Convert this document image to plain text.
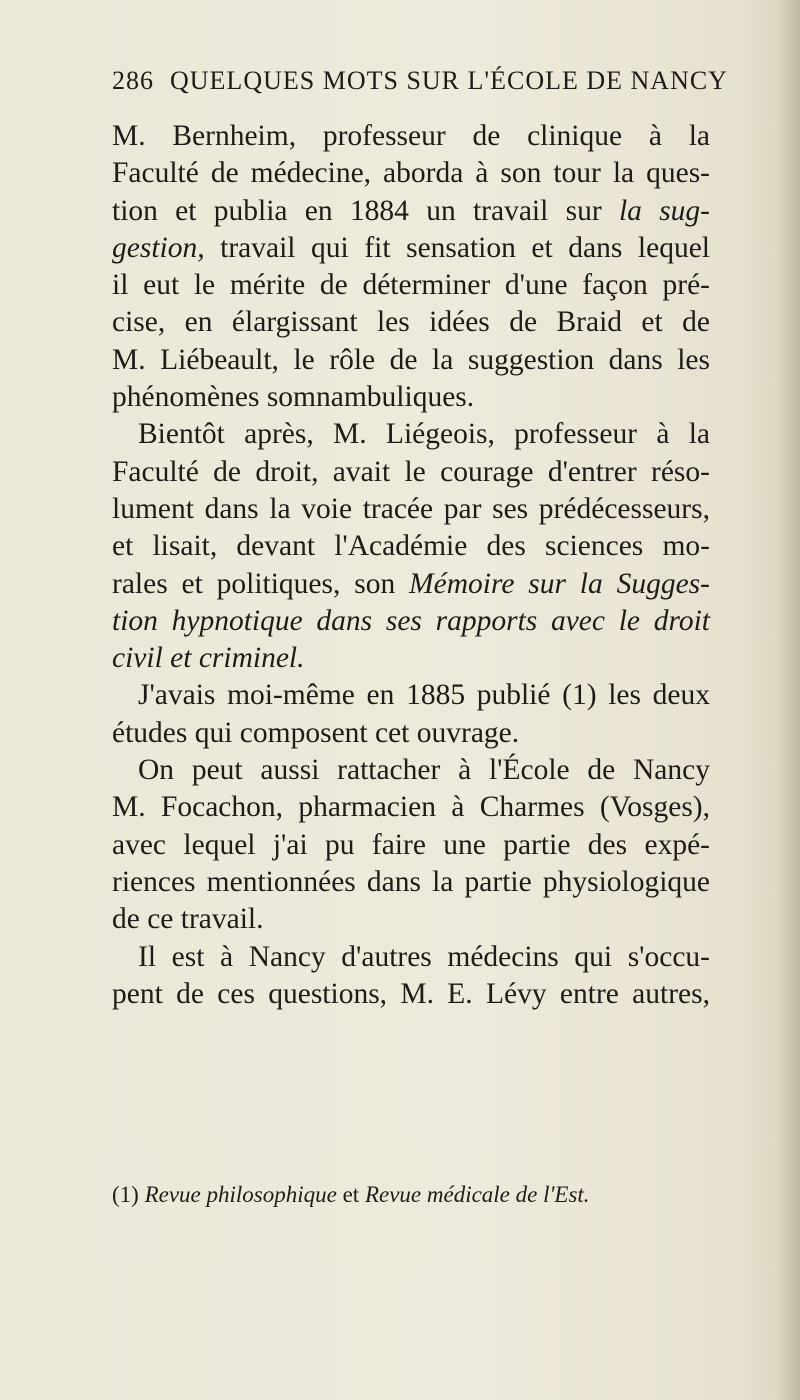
286 QUELQUES MOTS SUR L'ÉCOLE DE NANCY
M. Bernheim, professeur de clinique à la
Faculté de médecine, aborda à son tour la ques-
tion et publia en 1884 un travail sur la sug-
gestion, travail qui fit sensation et dans lequel
il eut le mérite de déterminer d'une façon pré-
cise, en élargissant les idées de Braid et de
M. Liébeault, le rôle de la suggestion dans les
phénomènes somnambuliques.
Bientôt après, M. Liégeois, professeur à la
Faculté de droit, avait le courage d'entrer réso-
lument dans la voie tracée par ses prédécesseurs,
et lisait, devant l'Académie des sciences mo-
rales et politiques, son Mémoire sur la Sugges-
tion hypnotique dans ses rapports avec le droit
civil et criminel.
J'avais moi-même en 1885 publié (1) les deux
études qui composent cet ouvrage.
On peut aussi rattacher à l'École de Nancy
M. Focachon, pharmacien à Charmes (Vosges),
avec lequel j'ai pu faire une partie des expé-
riences mentionnées dans la partie physiologique
de ce travail.
Il est à Nancy d'autres médecins qui s'occu-
pent de ces questions, M. E. Lévy entre autres,
(1) Revue philosophique et Revue médicale de l'Est.
